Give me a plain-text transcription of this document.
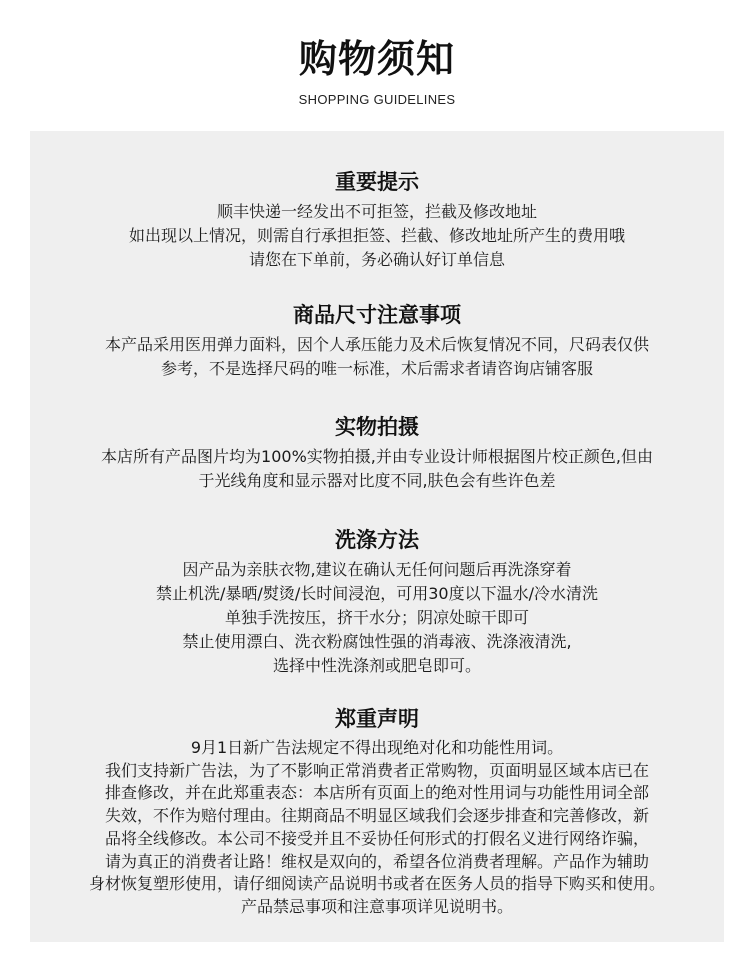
购物须知
SHOPPING GUIDELINES
重要提示
顺丰快递一经发出不可拒签，拦截及修改地址
如出现以上情况，则需自行承担拒签、拦截、修改地址所产生的费用哦
请您在下单前，务必确认好订单信息
商品尺寸注意事项
本产品采用医用弹力面料，因个人承压能力及术后恢复情况不同，尺码表仅供
参考，不是选择尺码的唯一标准，术后需求者请咨询店铺客服
实物拍摄
本店所有产品图片均为100%实物拍摄,并由专业设计师根据图片校正颜色,但由
于光线角度和显示器对比度不同,肤色会有些许色差
洗涤方法
因产品为亲肤衣物,建议在确认无任何问题后再洗涤穿着
禁止机洗/暴晒/熨烫/长时间浸泡，可用30度以下温水/冷水清洗
单独手洗按压，挤干水分；阴凉处晾干即可
禁止使用漂白、洗衣粉腐蚀性强的消毒液、洗涤液清洗,
选择中性洗涤剂或肥皂即可。
郑重声明
9月1日新广告法规定不得出现绝对化和功能性用词。
我们支持新广告法，为了不影响正常消费者正常购物，页面明显区域本店已在
排查修改，并在此郑重表态：本店所有页面上的绝对性用词与功能性用词全部
失效，不作为赔付理由。往期商品不明显区域我们会逐步排查和完善修改，新
品将全线修改。本公司不接受并且不妥协任何形式的打假名义进行网络诈骗，
请为真正的消费者让路！维权是双向的，希望各位消费者理解。产品作为辅助
身材恢复塑形使用，请仔细阅读产品说明书或者在医务人员的指导下购买和使用。
产品禁忌事项和注意事项详见说明书。
